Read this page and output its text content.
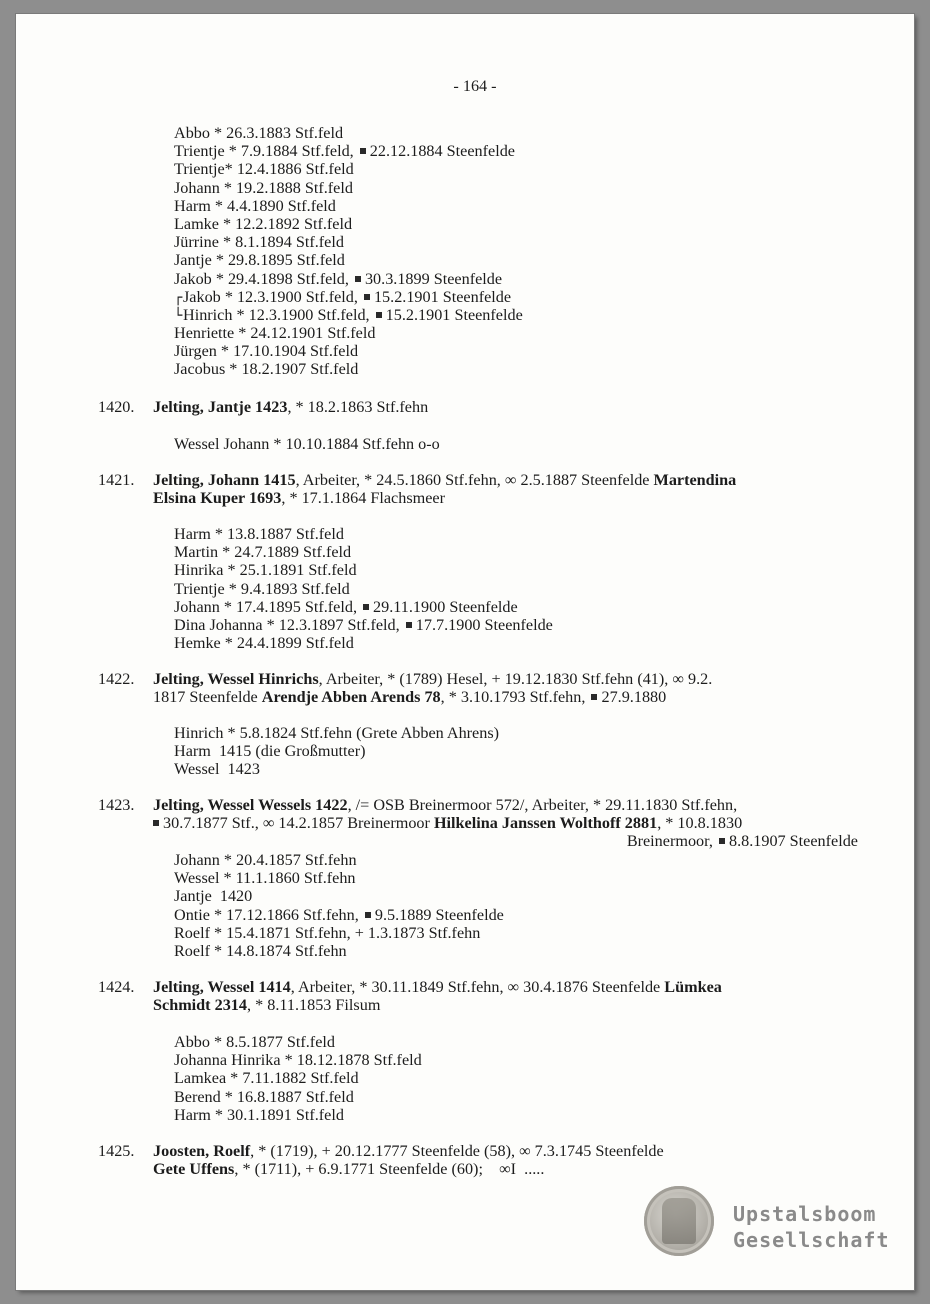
- 164 -
Abbo * 26.3.1883 Stf.feld
Trientje * 7.9.1884 Stf.feld, 22.12.1884 Steenfelde
Trientje* 12.4.1886 Stf.feld
Johann * 19.2.1888 Stf.feld
Harm * 4.4.1890 Stf.feld
Lamke * 12.2.1892 Stf.feld
Jürrine * 8.1.1894 Stf.feld
Jantje * 29.8.1895 Stf.feld
Jakob * 29.4.1898 Stf.feld, 30.3.1899 Steenfelde
┌Jakob * 12.3.1900 Stf.feld, 15.2.1901 Steenfelde
└Hinrich * 12.3.1900 Stf.feld, 15.2.1901 Steenfelde
Henriette * 24.12.1901 Stf.feld
Jürgen * 17.10.1904 Stf.feld
Jacobus * 18.2.1907 Stf.feld
1420.	Jelting, Jantje 1423, * 18.2.1863 Stf.fehn
Wessel Johann * 10.10.1884 Stf.fehn o-o
1421.	Jelting, Johann 1415, Arbeiter, * 24.5.1860 Stf.fehn, ∞ 2.5.1887 Steenfelde Martendina
Elsina Kuper 1693, * 17.1.1864 Flachsmeer
Harm * 13.8.1887 Stf.feld
Martin * 24.7.1889 Stf.feld
Hinrika * 25.1.1891 Stf.feld
Trientje * 9.4.1893 Stf.feld
Johann * 17.4.1895 Stf.feld, 29.11.1900 Steenfelde
Dina Johanna * 12.3.1897 Stf.feld, 17.7.1900 Steenfelde
Hemke * 24.4.1899 Stf.feld
1422.	Jelting, Wessel Hinrichs, Arbeiter, * (1789) Hesel, + 19.12.1830 Stf.fehn (41), ∞ 9.2.
1817 Steenfelde Arendje Abben Arends 78, * 3.10.1793 Stf.fehn, 27.9.1880
Hinrich * 5.8.1824 Stf.fehn (Grete Abben Ahrens)
Harm  1415 (die Großmutter)
Wessel  1423
1423.	Jelting, Wessel Wessels 1422, /= OSB Breinermoor 572/, Arbeiter, * 29.11.1830 Stf.fehn,
30.7.1877 Stf., ∞ 14.2.1857 Breinermoor Hilkelina Janssen Wolthoff 2881, * 10.8.1830
Breinermoor, 8.8.1907 Steenfelde
Johann * 20.4.1857 Stf.fehn
Wessel * 11.1.1860 Stf.fehn
Jantje  1420
Ontie * 17.12.1866 Stf.fehn, 9.5.1889 Steenfelde
Roelf * 15.4.1871 Stf.fehn, + 1.3.1873 Stf.fehn
Roelf * 14.8.1874 Stf.fehn
1424.	Jelting, Wessel 1414, Arbeiter, * 30.11.1849 Stf.fehn, ∞ 30.4.1876 Steenfelde Lümkea
Schmidt 2314, * 8.11.1853 Filsum
Abbo * 8.5.1877 Stf.feld
Johanna Hinrika * 18.12.1878 Stf.feld
Lamkea * 7.11.1882 Stf.feld
Berend * 16.8.1887 Stf.feld
Harm * 30.1.1891 Stf.feld
1425.	Joosten, Roelf, * (1719), + 20.12.1777 Steenfelde (58), ∞ 7.3.1745 Steenfelde
Gete Uffens, * (1711), + 6.9.1771 Steenfelde (60);    ∞I  .....
Upstalsboom
Gesellschaft
